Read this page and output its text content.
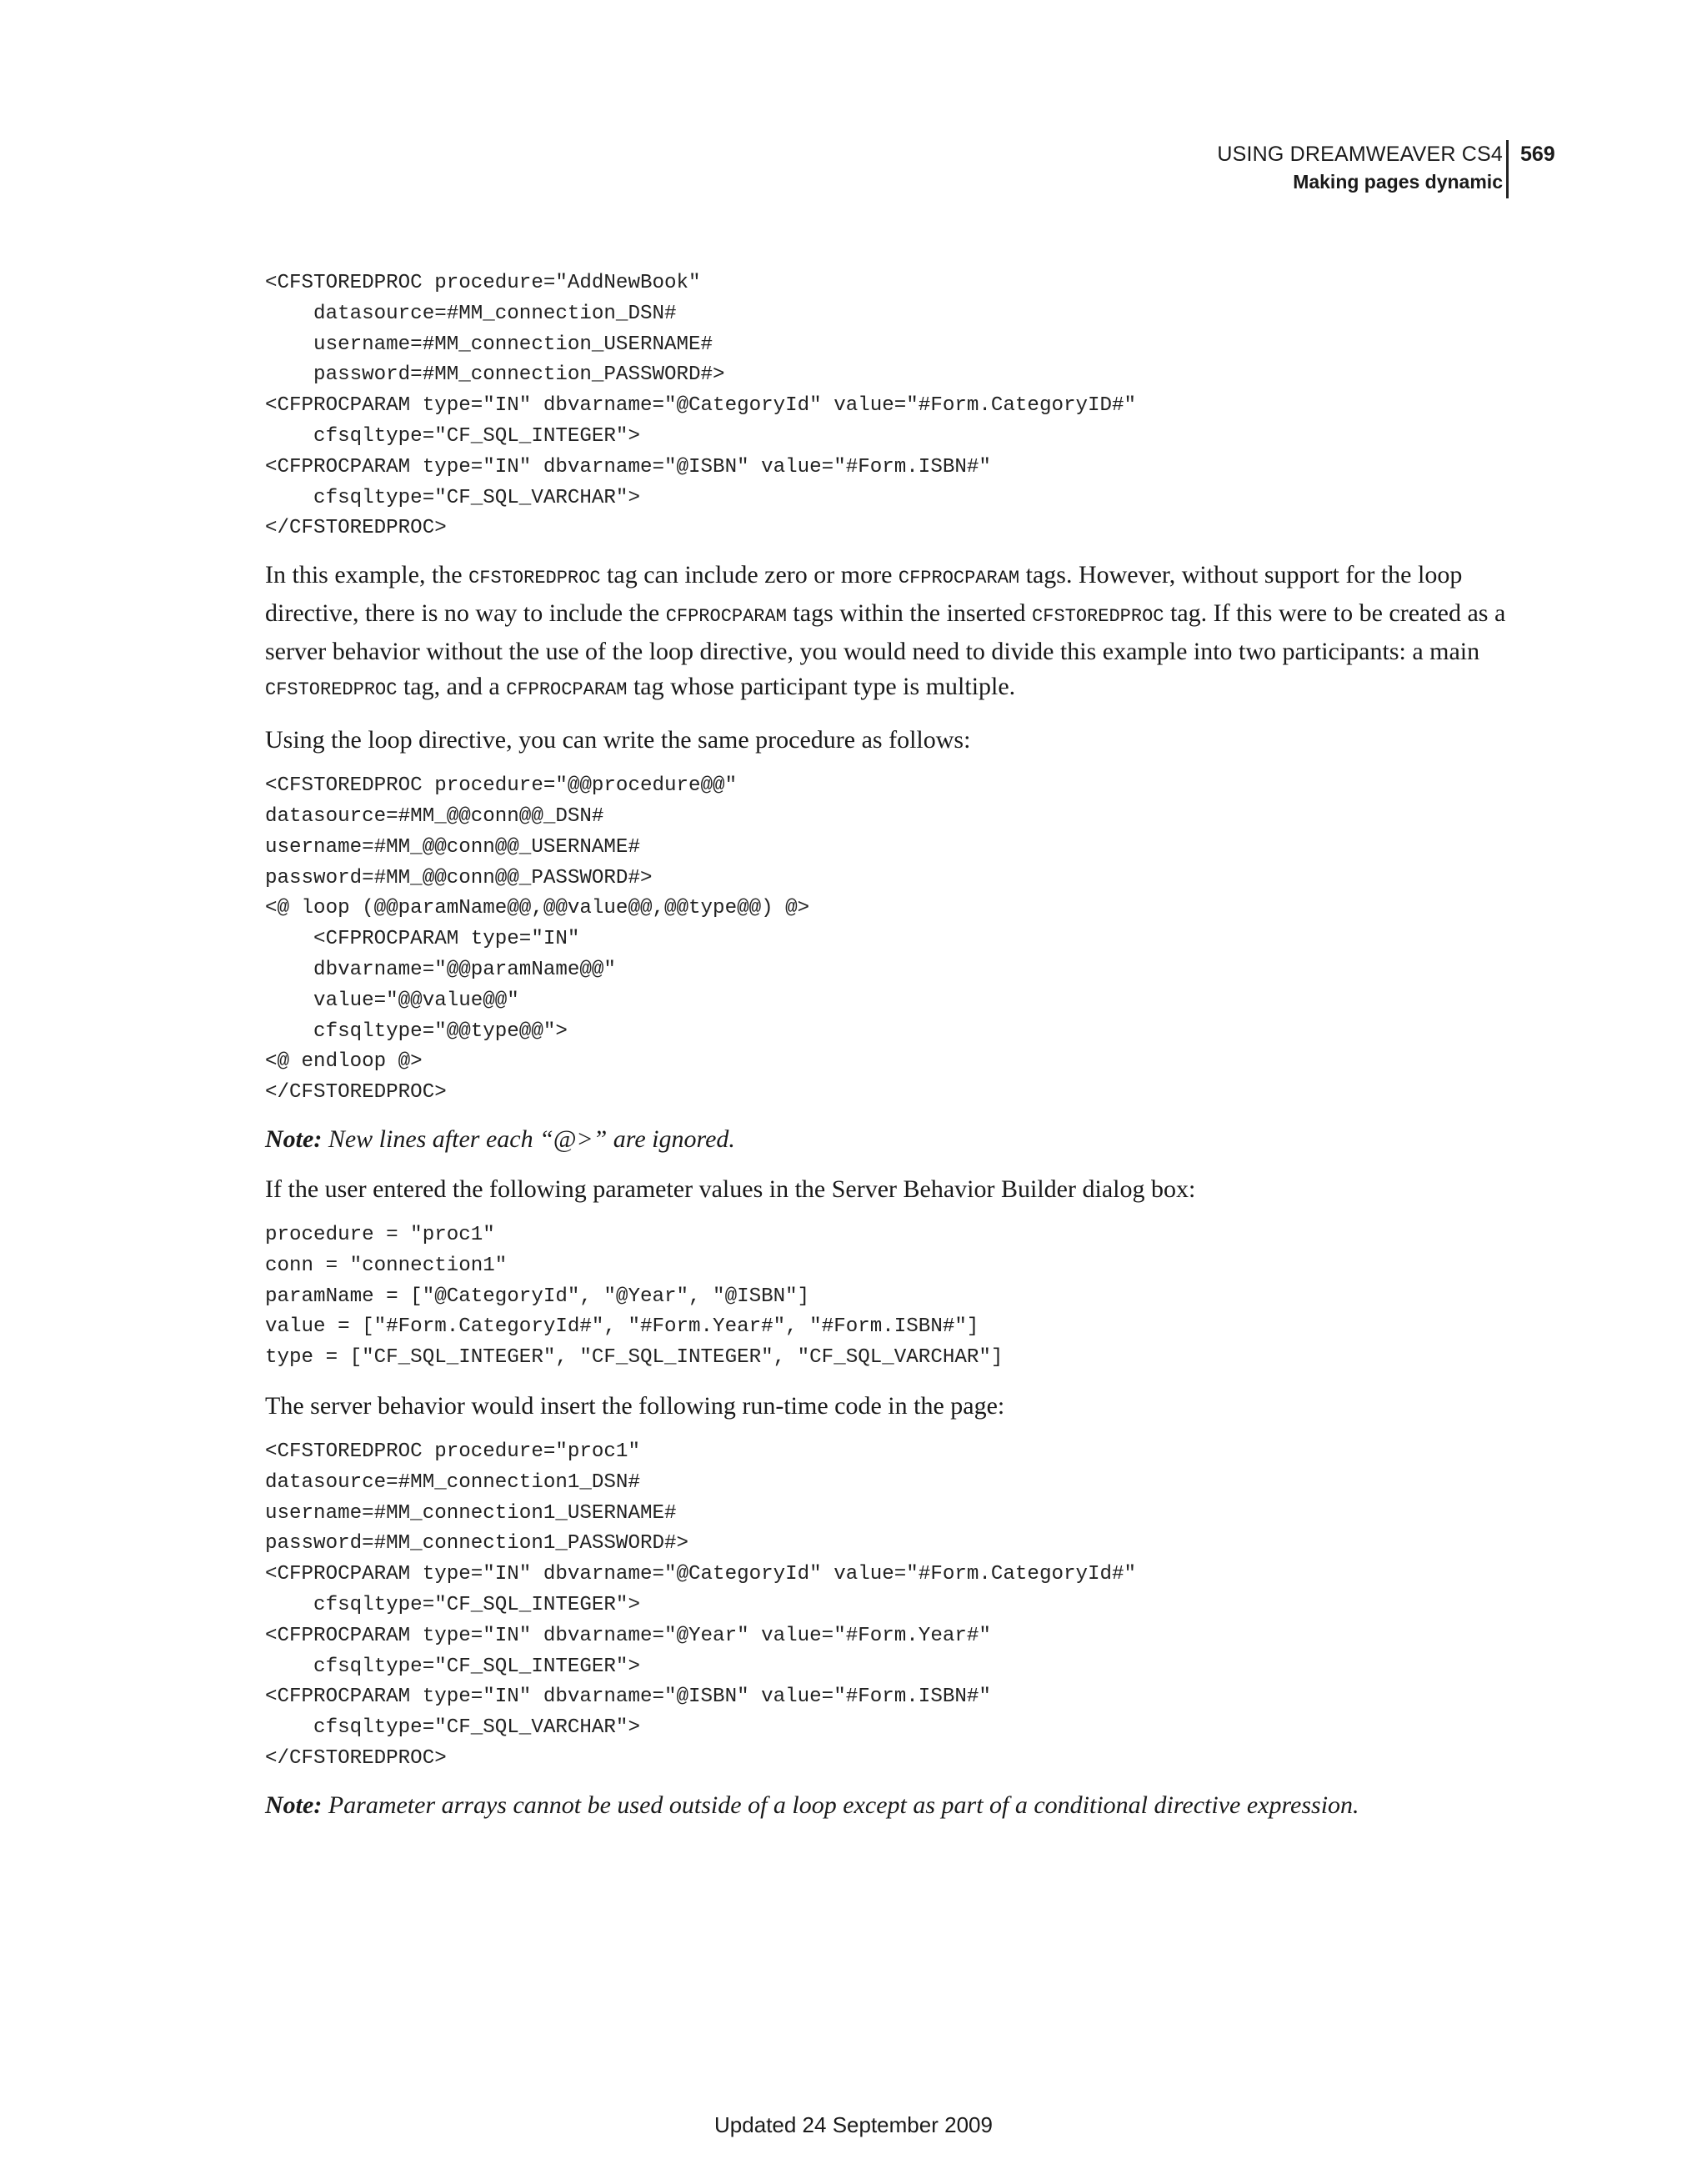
USING DREAMWEAVER CS4
Making pages dynamic
569
<CFSTOREDPROC procedure="AddNewBook"
datasource=#MM_connection_DSN#
username=#MM_connection_USERNAME#
password=#MM_connection_PASSWORD#>
<CFPROCPARAM type="IN" dbvarname="@CategoryId" value="#Form.CategoryID#"
cfsqltype="CF_SQL_INTEGER">
<CFPROCPARAM type="IN" dbvarname="@ISBN" value="#Form.ISBN#"
cfsqltype="CF_SQL_VARCHAR">
</CFSTOREDPROC>

In this example, the CFSTOREDPROC tag can include zero or more CFPROCPARAM tags. However, without support for the loop directive, there is no way to include the CFPROCPARAM tags within the inserted CFSTOREDPROC tag. If this were to be created as a server behavior without the use of the loop directive, you would need to divide this example into two participants: a main CFSTOREDPROC tag, and a CFPROCPARAM tag whose participant type is multiple.

Using the loop directive, you can write the same procedure as follows:

<CFSTOREDPROC procedure="@@procedure@@"
datasource=#MM_@@conn@@_DSN#
username=#MM_@@conn@@_USERNAME#
password=#MM_@@conn@@_PASSWORD#>
<@ loop (@@paramName@@,@@value@@,@@type@@) @>
<CFPROCPARAM type="IN"
dbvarname="@@paramName@@"
value="@@value@@"
cfsqltype="@@type@@">
<@ endloop @>
</CFSTOREDPROC>

Note: New lines after each “@>” are ignored.

If the user entered the following parameter values in the Server Behavior Builder dialog box:

procedure = "proc1"
conn = "connection1"
paramName = ["@CategoryId", "@Year", "@ISBN"]
value = ["#Form.CategoryId#", "#Form.Year#", "#Form.ISBN#"]
type = ["CF_SQL_INTEGER", "CF_SQL_INTEGER", "CF_SQL_VARCHAR"]

The server behavior would insert the following run-time code in the page:

<CFSTOREDPROC procedure="proc1"
datasource=#MM_connection1_DSN#
username=#MM_connection1_USERNAME#
password=#MM_connection1_PASSWORD#>
<CFPROCPARAM type="IN" dbvarname="@CategoryId" value="#Form.CategoryId#"
cfsqltype="CF_SQL_INTEGER">
<CFPROCPARAM type="IN" dbvarname="@Year" value="#Form.Year#"
cfsqltype="CF_SQL_INTEGER">
<CFPROCPARAM type="IN" dbvarname="@ISBN" value="#Form.ISBN#"
cfsqltype="CF_SQL_VARCHAR">
</CFSTOREDPROC>

Note: Parameter arrays cannot be used outside of a loop except as part of a conditional directive expression.

Updated 24 September 2009
